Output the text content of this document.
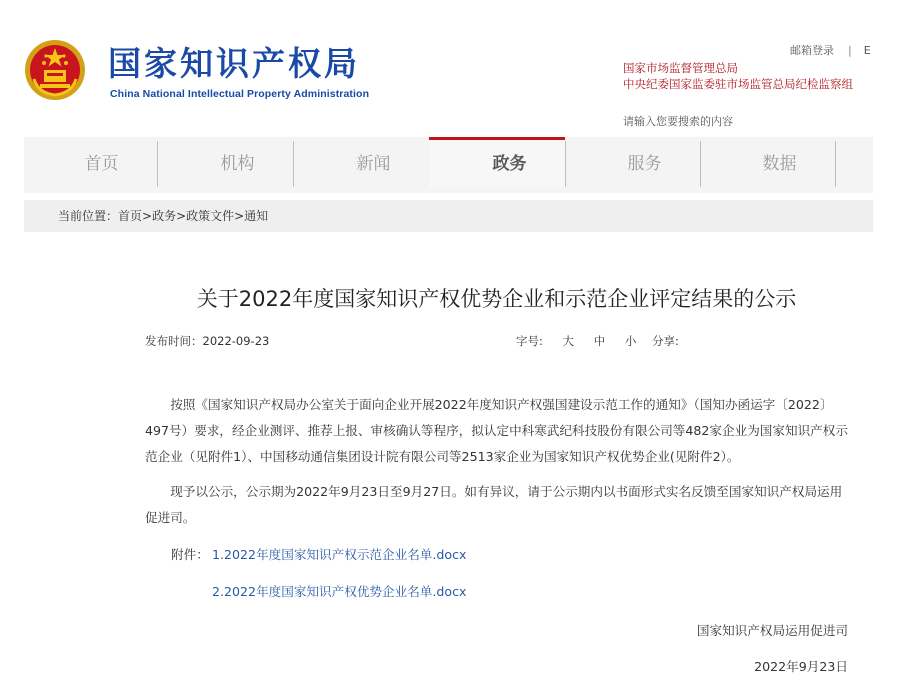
国家知识产权局
China National Intellectual Property Administration
邮箱登录 | E
国家市场监督管理总局
中央纪委国家监委驻市场监管总局纪检监察组
请输入您要搜索的内容
首页	机构	新闻	政务	服务	数据
当前位置：首页>政务>政策文件>通知
关于2022年度国家知识产权优势企业和示范企业评定结果的公示
发布时间：2022-09-23	字号: 大 中 小	分享:
按照《国家知识产权局办公室关于面向企业开展2022年度知识产权强国建设示范工作的通知》（国知办函运字〔2022〕497号）要求，经企业测评、推荐上报、审核确认等程序，拟认定中科寒武纪科技股份有限公司等482家企业为国家知识产权示范企业（见附件1）、中国移动通信集团设计院有限公司等2513家企业为国家知识产权优势企业(见附件2）。
现予以公示，公示期为2022年9月23日至9月27日。如有异议，请于公示期内以书面形式实名反馈至国家知识产权局运用促进司。
附件： 1.2022年度国家知识产权示范企业名单.docx
2.2022年度国家知识产权优势企业名单.docx
国家知识产权局运用促进司
2022年9月23日
